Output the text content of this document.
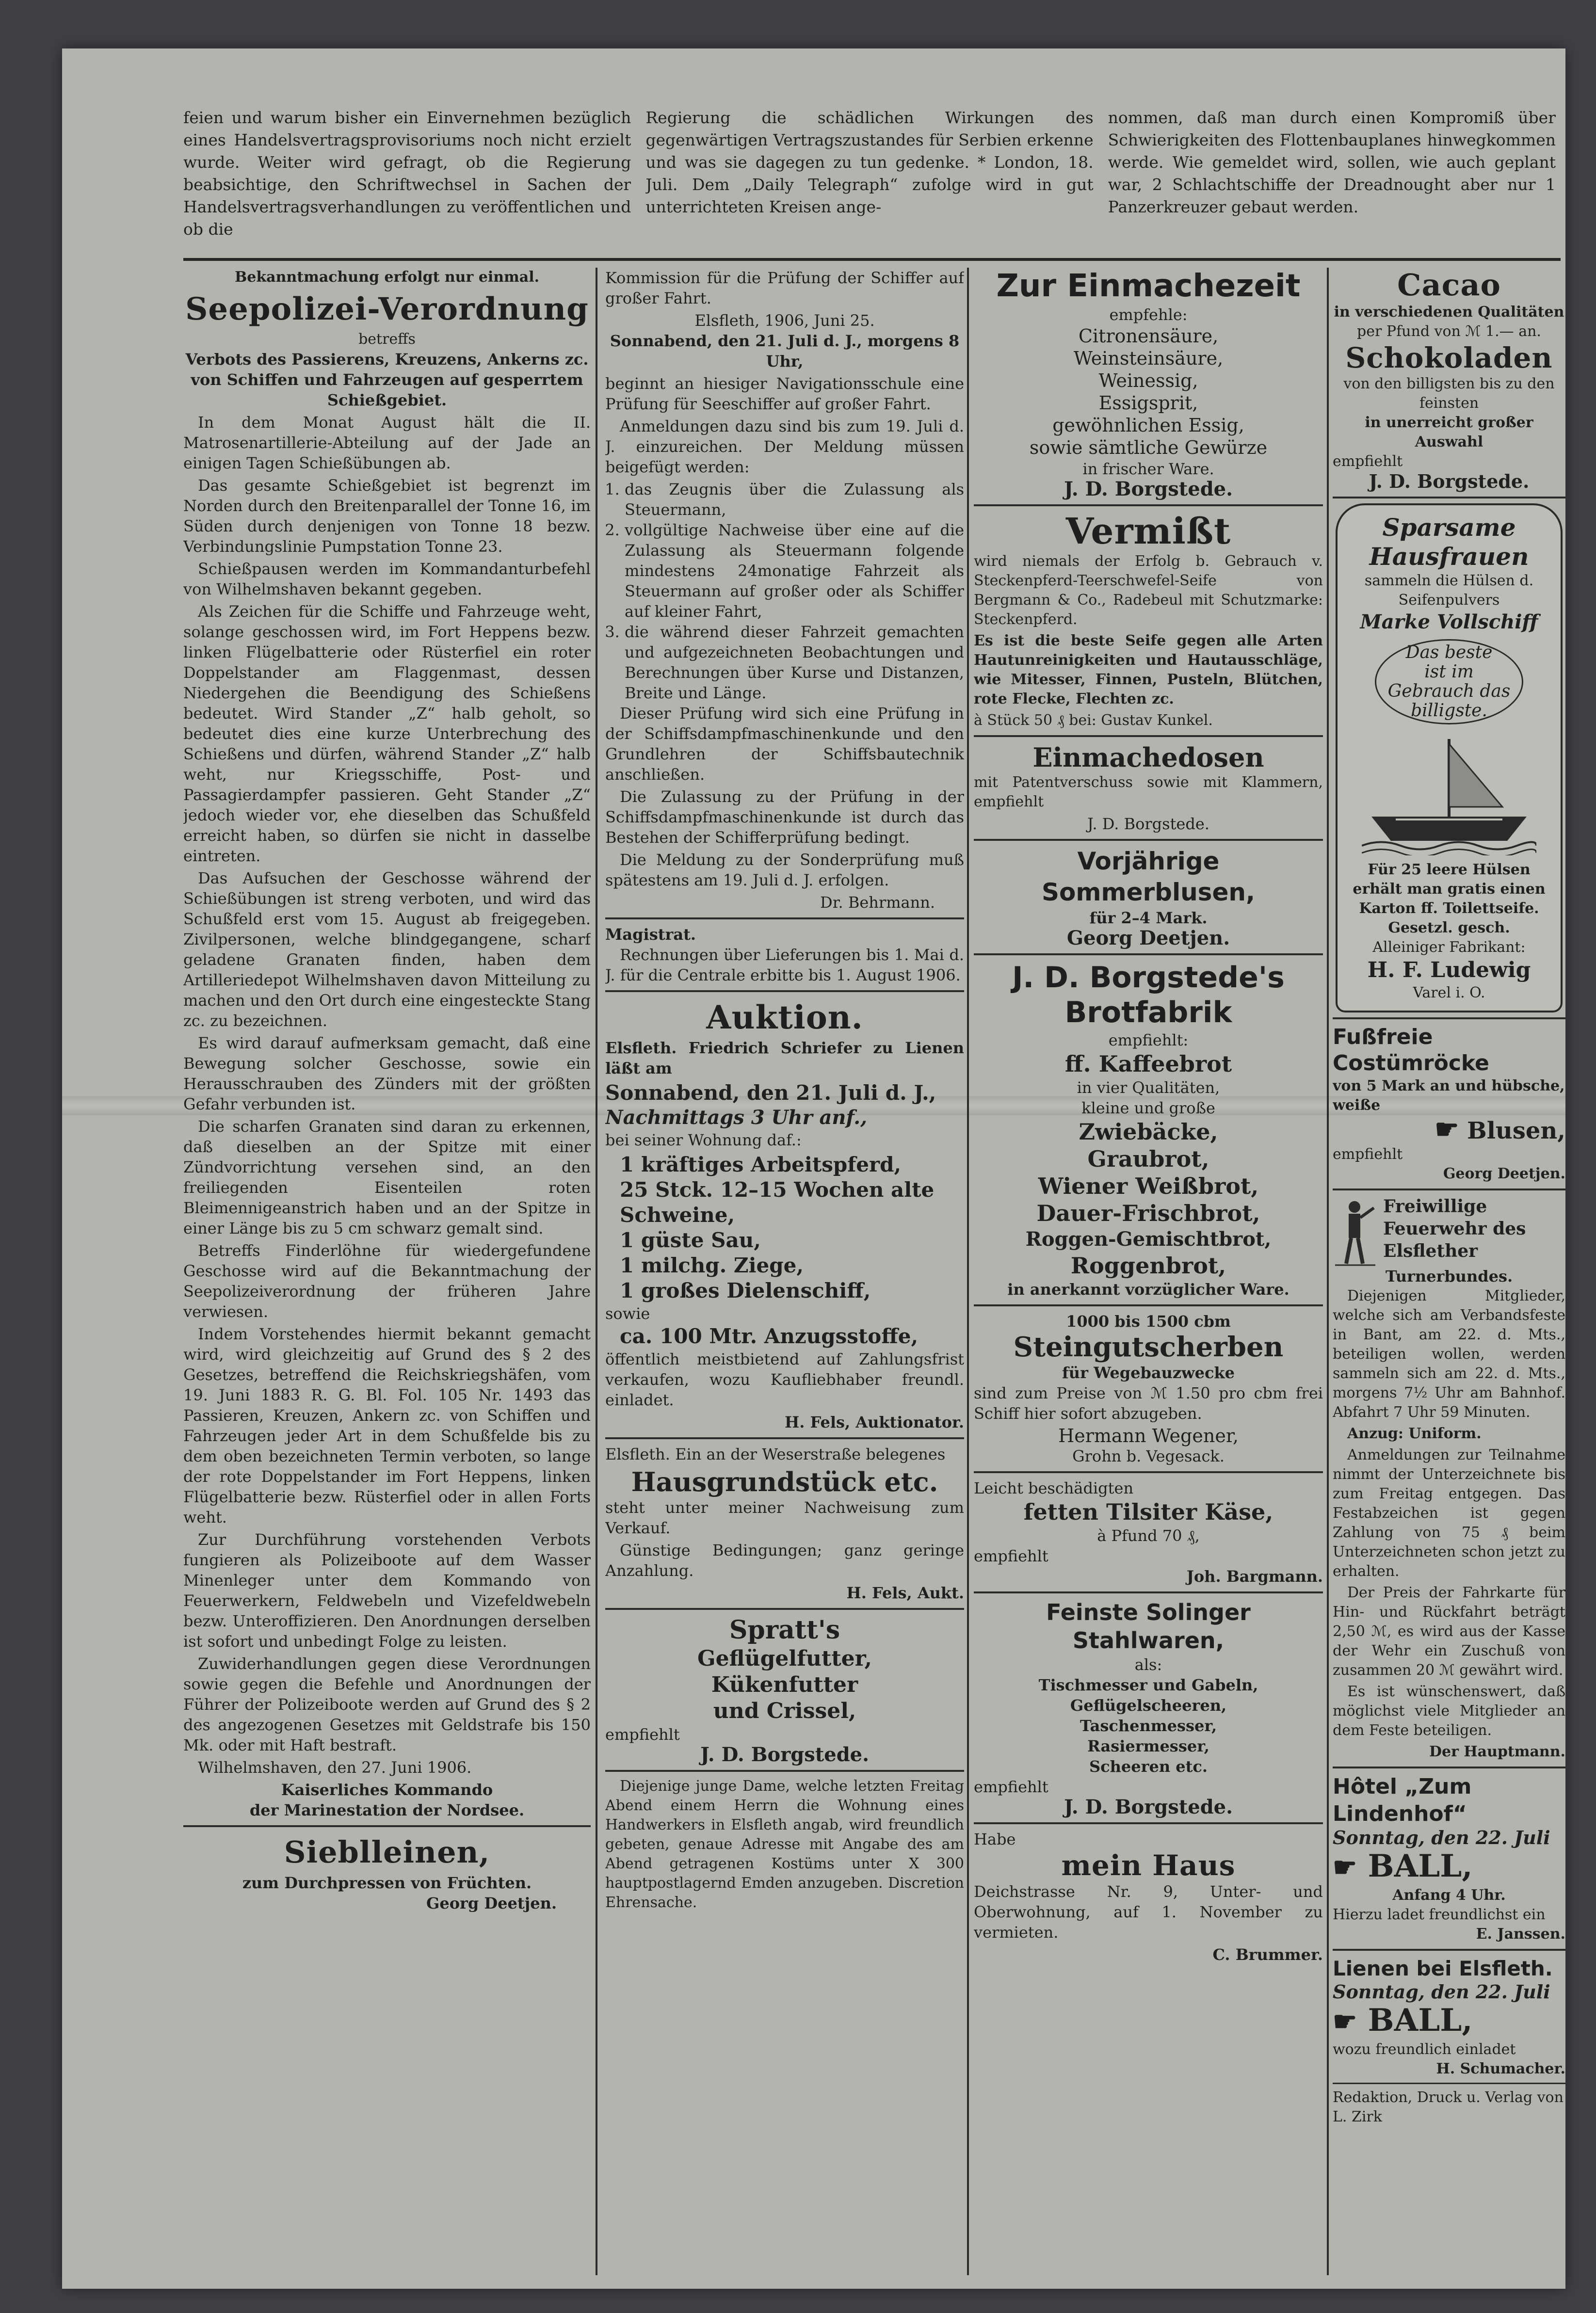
feien und warum bisher ein Einvernehmen bezüglich eines Handelsvertragsprovisoriums noch nicht erzielt wurde. Weiter wird gefragt, ob die Regierung beabsichtige, den Schriftwechsel in Sachen der Handelsvertragsverhandlungen zu veröffentlichen und ob die
Regierung die schädlichen Wirkungen des gegenwärtigen Vertragszustandes für Serbien erkenne und was sie dagegen zu tun gedenke. * London, 18. Juli. Dem „Daily Telegraph“ zufolge wird in gut unterrichteten Kreisen ange-
nommen, daß man durch einen Kompromiß über Schwierigkeiten des Flottenbauplanes hinwegkommen werde. Wie gemeldet wird, sollen, wie auch geplant war, 2 Schlachtschiffe der Dreadnought aber nur 1 Panzerkreuzer gebaut werden.
Bekanntmachung erfolgt nur einmal.
Seepolizei-Verordnung
betreffs
Verbots des Passierens, Kreuzens, Ankerns zc. von Schiffen und Fahrzeugen auf gesperrtem Schießgebiet.
In dem Monat August hält die II. Matrosenartillerie-Abteilung auf der Jade an einigen Tagen Schießübungen ab.
Das gesamte Schießgebiet ist begrenzt im Norden durch den Breitenparallel der Tonne 16, im Süden durch denjenigen von Tonne 18 bezw. Verbindungslinie Pumpstation Tonne 23.
Schießpausen werden im Kommandanturbefehl von Wilhelmshaven bekannt gegeben.
Als Zeichen für die Schiffe und Fahrzeuge weht, solange geschossen wird, im Fort Heppens bezw. linken Flügelbatterie oder Rüsterfiel ein roter Doppelstander am Flaggenmast, dessen Niedergehen die Beendigung des Schießens bedeutet. Wird Stander „Z“ halb geholt, so bedeutet dies eine kurze Unterbrechung des Schießens und dürfen, während Stander „Z“ halb weht, nur Kriegsschiffe, Post- und Passagierdampfer passieren. Geht Stander „Z“ jedoch wieder vor, ehe dieselben das Schußfeld erreicht haben, so dürfen sie nicht in dasselbe eintreten.
Das Aufsuchen der Geschosse während der Schießübungen ist streng verboten, und wird das Schußfeld erst vom 15. August ab freigegeben. Zivilpersonen, welche blindgegangene, scharf geladene Granaten finden, haben dem Artilleriedepot Wilhelmshaven davon Mitteilung zu machen und den Ort durch eine eingesteckte Stang zc. zu bezeichnen.
Es wird darauf aufmerksam gemacht, daß eine Bewegung solcher Geschosse, sowie ein Herausschrauben des Zünders mit der größten Gefahr verbunden ist.
Die scharfen Granaten sind daran zu erkennen, daß dieselben an der Spitze mit einer Zündvorrichtung versehen sind, an den freiliegenden Eisenteilen roten Bleimennigeanstrich haben und an der Spitze in einer Länge bis zu 5 cm schwarz gemalt sind.
Betreffs Finderlöhne für wiedergefundene Geschosse wird auf die Bekanntmachung der Seepolizeiverordnung der früheren Jahre verwiesen.
Indem Vorstehendes hiermit bekannt gemacht wird, wird gleichzeitig auf Grund des § 2 des Gesetzes, betreffend die Reichskriegshäfen, vom 19. Juni 1883 R. G. Bl. Fol. 105 Nr. 1493 das Passieren, Kreuzen, Ankern zc. von Schiffen und Fahrzeugen jeder Art in dem Schußfelde bis zu dem oben bezeichneten Termin verboten, so lange der rote Doppelstander im Fort Heppens, linken Flügelbatterie bezw. Rüsterfiel oder in allen Forts weht.
Zur Durchführung vorstehenden Verbots fungieren als Polizeiboote auf dem Wasser Minenleger unter dem Kommando von Feuerwerkern, Feldwebeln und Vizefeldwebeln bezw. Unteroffizieren. Den Anordnungen derselben ist sofort und unbedingt Folge zu leisten.
Zuwiderhandlungen gegen diese Verordnungen sowie gegen die Befehle und Anordnungen der Führer der Polizeiboote werden auf Grund des § 2 des angezogenen Gesetzes mit Geldstrafe bis 150 Mk. oder mit Haft bestraft.
Wilhelmshaven, den 27. Juni 1906.
Kaiserliches Kommando
der Marinestation der Nordsee.
Sieblleinen,
zum Durchpressen von Früchten.
Georg Deetjen.
Kommission für die Prüfung der Schiffer auf großer Fahrt.
Elsfleth, 1906, Juni 25.
Sonnabend, den 21. Juli d. J., morgens 8 Uhr,
beginnt an hiesiger Navigationsschule eine Prüfung für Seeschiffer auf großer Fahrt.
Anmeldungen dazu sind bis zum 19. Juli d. J. einzureichen. Der Meldung müssen beigefügt werden:
1. das Zeugnis über die Zulassung als Steuermann,
2. vollgültige Nachweise über eine auf die Zulassung als Steuermann folgende mindestens 24monatige Fahrzeit als Steuermann auf großer oder als Schiffer auf kleiner Fahrt,
3. die während dieser Fahrzeit gemachten und aufgezeichneten Beobachtungen und Berechnungen über Kurse und Distanzen, Breite und Länge.
Dieser Prüfung wird sich eine Prüfung in der Schiffsdampfmaschinenkunde und den Grundlehren der Schiffsbautechnik anschließen.
Die Zulassung zu der Prüfung in der Schiffsdampfmaschinenkunde ist durch das Bestehen der Schifferprüfung bedingt.
Die Meldung zu der Sonderprüfung muß spätestens am 19. Juli d. J. erfolgen.
Dr. Behrmann.
Magistrat.
Rechnungen über Lieferungen bis 1. Mai d. J. für die Centrale erbitte bis 1. August 1906.
Auktion.
Elsfleth. Friedrich Schriefer zu Lienen läßt am
Sonnabend, den 21. Juli d. J.,
Nachmittags 3 Uhr anf.,
bei seiner Wohnung daf.:
1 kräftiges Arbeitspferd,
25 Stck. 12–15 Wochen alte Schweine,
1 güste Sau,
1 milchg. Ziege,
1 großes Dielenschiff,
sowie
ca. 100 Mtr. Anzugsstoffe,
öffentlich meistbietend auf Zahlungsfrist verkaufen, wozu Kaufliebhaber freundl. einladet.
H. Fels, Auktionator.
Elsfleth. Ein an der Weserstraße belegenes
Hausgrundstück etc.
steht unter meiner Nachweisung zum Verkauf.
Günstige Bedingungen; ganz geringe Anzahlung.
H. Fels, Aukt.
Spratt's
Geflügelfutter,
Kükenfutter
und Crissel,
empfiehlt
J. D. Borgstede.
Diejenige junge Dame, welche letzten Freitag Abend einem Herrn die Wohnung eines Handwerkers in Elsfleth angab, wird freundlich gebeten, genaue Adresse mit Angabe des am Abend getragenen Kostüms unter X 300 hauptpostlagernd Emden anzugeben. Discretion Ehrensache.
Zur Einmachezeit
empfehle:
Citronensäure,
Weinsteinsäure,
Weinessig,
Essigsprit,
gewöhnlichen Essig,
sowie sämtliche Gewürze
in frischer Ware.
J. D. Borgstede.
Vermißt
wird niemals der Erfolg b. Gebrauch v. Steckenpferd-Teerschwefel-Seife von Bergmann & Co., Radebeul mit Schutzmarke: Steckenpferd.
Es ist die beste Seife gegen alle Arten Hautunreinigkeiten und Hautausschläge, wie Mitesser, Finnen, Pusteln, Blütchen, rote Flecke, Flechten zc.
à Stück 50 ₰ bei: Gustav Kunkel.
Einmachedosen
mit Patentverschuss sowie mit Klammern, empfiehlt
J. D. Borgstede.
Vorjährige Sommerblusen,
für 2–4 Mark.
Georg Deetjen.
J. D. Borgstede's
Brotfabrik
empfiehlt:
ff. Kaffeebrot
in vier Qualitäten,
kleine und große
Zwiebäcke,
Graubrot,
Wiener Weißbrot,
Dauer-Frischbrot,
Roggen-Gemischtbrot,
Roggenbrot,
in anerkannt vorzüglicher Ware.
1000 bis 1500 cbm
Steingutscherben
für Wegebauzwecke
sind zum Preise von ℳ 1.50 pro cbm frei Schiff hier sofort abzugeben.
Hermann Wegener,
Grohn b. Vegesack.
Leicht beschädigten
fetten Tilsiter Käse,
à Pfund 70 ₰,
empfiehlt
Joh. Bargmann.
Feinste Solinger Stahlwaren,
als:
Tischmesser und Gabeln,
Geflügelscheeren,
Taschenmesser,
Rasiermesser,
Scheeren etc.
empfiehlt
J. D. Borgstede.
Habe
mein Haus
Deichstrasse Nr. 9, Unter- und Oberwohnung, auf 1. November zu vermieten.
C. Brummer.
Cacao
in verschiedenen Qualitäten
per Pfund von ℳ 1.— an.
Schokoladen
von den billigsten bis zu den feinsten
in unerreicht großer Auswahl
empfiehlt
J. D. Borgstede.
Sparsame Hausfrauen
sammeln die Hülsen d. Seifenpulvers
Marke Vollschiff
Das beste
ist im
Gebrauch das
billigste.
Für 25 leere Hülsen erhält man gratis einen Karton ff. Toilettseife. Gesetzl. gesch.
Alleiniger Fabrikant:
H. F. Ludewig
Varel i. O.
Fußfreie Costümröcke
von 5 Mark an und hübsche, weiße
☛ Blusen,
empfiehlt
Georg Deetjen.
Freiwillige Feuerwehr des Elsflether
Turnerbundes.
Diejenigen Mitglieder, welche sich am Verbandsfeste in Bant, am 22. d. Mts., beteiligen wollen, werden sammeln sich am 22. d. Mts., morgens 7½ Uhr am Bahnhof. Abfahrt 7 Uhr 59 Minuten.
Anzug: Uniform.
Anmeldungen zur Teilnahme nimmt der Unterzeichnete bis zum Freitag entgegen. Das Festabzeichen ist gegen Zahlung von 75 ₰ beim Unterzeichneten schon jetzt zu erhalten.
Der Preis der Fahrkarte für Hin- und Rückfahrt beträgt 2,50 ℳ, es wird aus der Kasse der Wehr ein Zuschuß von zusammen 20 ℳ gewährt wird.
Es ist wünschenswert, daß möglichst viele Mitglieder an dem Feste beteiligen.
Der Hauptmann.
Hôtel „Zum Lindenhof“
Sonntag, den 22. Juli
☛ BALL,
Anfang 4 Uhr.
Hierzu ladet freundlichst ein
E. Janssen.
Lienen bei Elsfleth.
Sonntag, den 22. Juli
☛ BALL,
wozu freundlich einladet
H. Schumacher.
Redaktion, Druck u. Verlag von L. Zirk
